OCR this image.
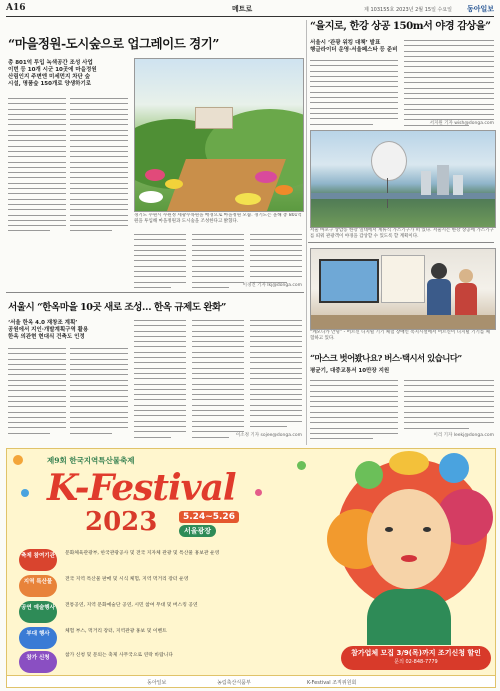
A16	메트로	제 103155호 2023년 2월 15일 수요일 동아일보
“마을정원-도시숲으로 업그레이드 경기”
총 801억 투입 녹색공간 조성 사업
이번 등 10개 시군 10곳에 마을정원
산림인지 주변엔 미세먼지 차단 숲
시설, 명품숲 150개로 양생하기로
경기도 수원시 수원정 세광수목원을 배경으로 마을정원 모습. 경기도는 올해 총 801억 원을 투입해 마을정원과 도시숲을 조성한다고 밝혔다.
이경진 기자 lkj@donga.com
서울시 “한옥마을 10곳 새로 조성… 한옥 규제도 완화”
‘서울 한옥 4.0 재창조 계획’
공원에서 지인·개발계획구역 활용
한옥 의관현 현대식 건축도 인정
이소정 기자 sojee@donga.com
“을지로, 한강 상공 150m서 야경 감상을”
서울시 ‘관광 워킹 대책’ 발표
행글라이더 운영·서울페스타 등 준비
서지원 기자 wish@donga.com
서울 마포구 상암동 한강 일대에서 계류식 가스기구가 떠 있다. 서울시는 한강 상공에 가스기구를 띄워 관광객이 야경을 감상할 수 있도록 할 계획이다.
“케모니카 안녕” - 어르신 디지털 기기 체험 장애인 복지시설에서 어르신이 디지털 기기를 체험하고 있다.
“마스크 벗어봤나요? 버스·택시서 있습니다”
평균기, 대중교통서 10만장 지원
이리 기자 leekj@donga.com
제9회 한국지역특산물축제
K-Festival
2023	5.24~5.26
서울광장
축제 참여기관	문화체육관광부, 한국관광공사 및 전국 지자체 관광 및 특산물 홍보관 운영
지역 특산물	전국 지역 특산물 판매 및 시식 체험, 지역 먹거리 장터 운영
공연 예술행사	전통공연, 지역 문화예술단 공연, 시민 참여 무대 및 버스킹 공연
부대 행사	체험 부스, 먹거리 장터, 지역관광 홍보 및 이벤트
참가 신청	참가 신청 및 문의는 축제 사무국으로 연락 바랍니다	참가업체 모집 3/9(목)까지 조기신청 할인
문의 02-848-7779
동아일보	농림축산식품부	K-Festival 조직위원회
